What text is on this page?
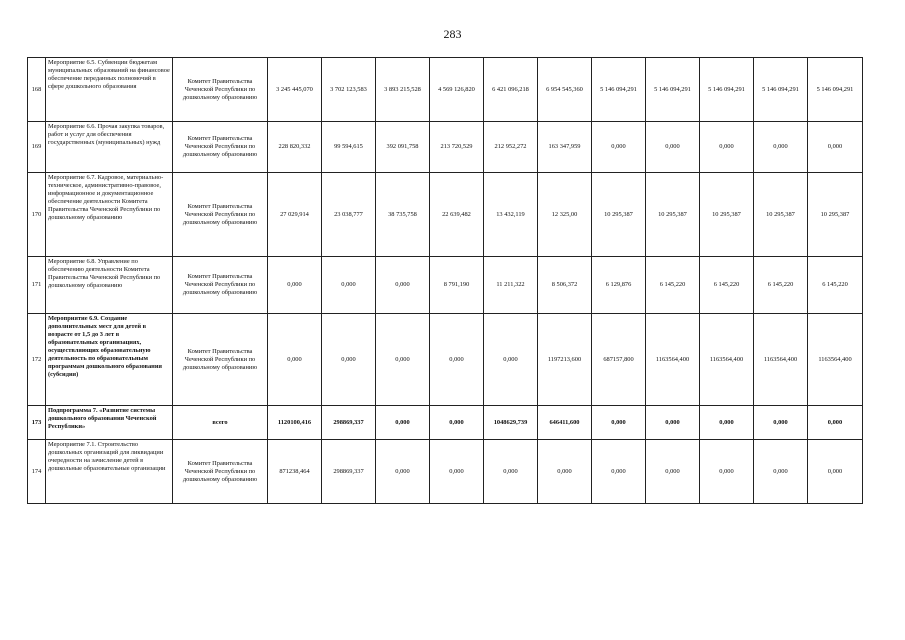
283
168	Мероприятие 6.5. Субвенции бюджетам муниципальных образований на финансовое обеспечение переданных полномочий в сфере дошкольного образования	Комитет Правительства Чеченской Республики по дошкольному образованию	3 245 445,070	3 702 123,583	3 893 215,528	4 569 126,820	6 421 096,218	6 954 545,360	5 146 094,291	5 146 094,291	5 146 094,291	5 146 094,291	5 146 094,291
169	Мероприятие 6.6. Прочая закупка товаров, работ и услуг для обеспечения государственных (муниципальных) нужд	Комитет Правительства Чеченской Республики по дошкольному образованию	228 820,332	99 594,615	392 091,758	213 720,529	212 952,272	163 347,959	0,000	0,000	0,000	0,000	0,000
170	Мероприятие 6.7. Кадровое, материально-техническое, административно-правовое, информационное и документационное обеспечение деятельности Комитета Правительства Чеченской Республики по дошкольному образованию	Комитет Правительства Чеченской Республики по дошкольному образованию	27 029,914	23 038,777	38 735,758	22 639,482	13 432,119	12 325,00	10 295,387	10 295,387	10 295,387	10 295,387	10 295,387
171	Мероприятие 6.8. Управление по обеспечению деятельности Комитета Правительства Чеченской Республики по дошкольному образованию	Комитет Правительства Чеченской Республики по дошкольному образованию	0,000	0,000	0,000	8 791,190	11 211,322	8 506,372	6 129,876	6 145,220	6 145,220	6 145,220	6 145,220
172	Мероприятие 6.9. Создание дополнительных мест для детей в возрасте от 1,5 до 3 лет в образовательных организациях, осуществляющих образовательную деятельность по образовательным программам дошкольного образования (субсидия)	Комитет Правительства Чеченской Республики по дошкольному образованию	0,000	0,000	0,000	0,000	0,000	1197213,600	687157,800	1163564,400	1163564,400	1163564,400	1163564,400
173	Подпрограмма 7. «Развитие системы дошкольного образования Чеченской Республики»	всего	1120100,416	298869,337	0,000	0,000	1048629,739	646411,600	0,000	0,000	0,000	0,000	0,000
174	Мероприятие 7.1. Строительство дошкольных организаций для ликвидации очередности на зачисление детей в дошкольные образовательные организации	Комитет Правительства Чеченской Республики по дошкольному образованию	871238,464	298869,337	0,000	0,000	0,000	0,000	0,000	0,000	0,000	0,000	0,000
